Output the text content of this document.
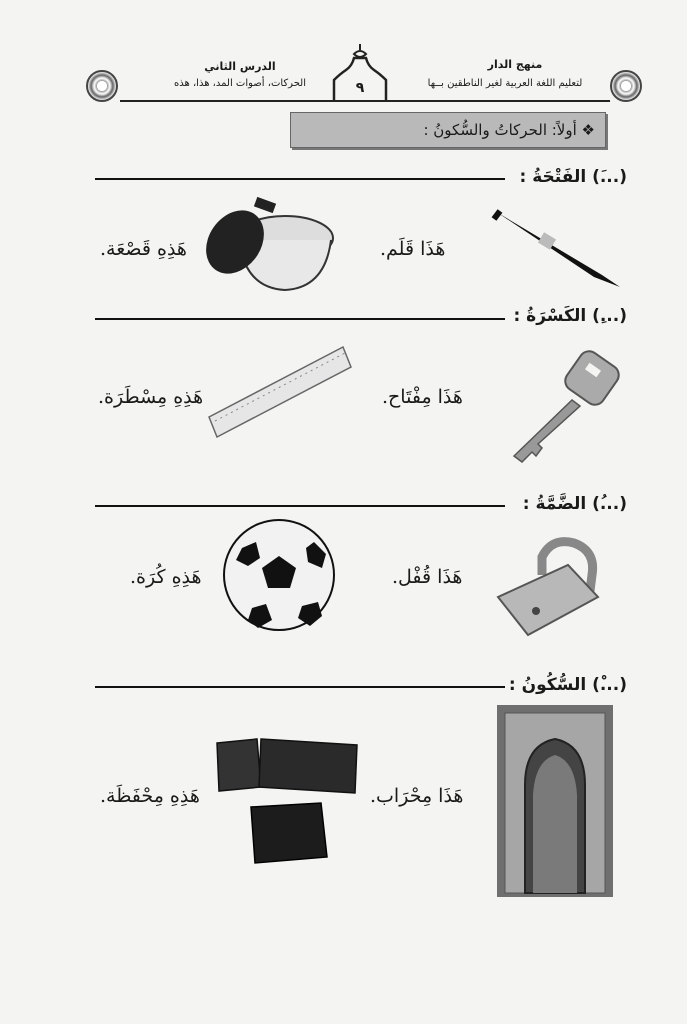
الدرس الثاني
الحركات، أصوات المد، هذا، هذه
منهج الدار
لتعليم اللغة العربية لغير الناطقين بــها
٩
❖ أولاً: الحركاتُ والسُّكونُ :
(...َ) الفَتْحَةُ :
هَذِهِ قَصْعَة.	هَذَا قَلَم.
(...ِ) الكَسْرَةُ :
هَذِهِ مِسْطَرَة.	هَذَا مِفْتَاح.
(...ُ) الضَّمَّةُ :
هَذِهِ كُرَة.	هَذَا قُفْل.
(...ْ) السُّكُونُ :
هَذِهِ مِحْفَظَة.	هَذَا مِحْرَاب.
